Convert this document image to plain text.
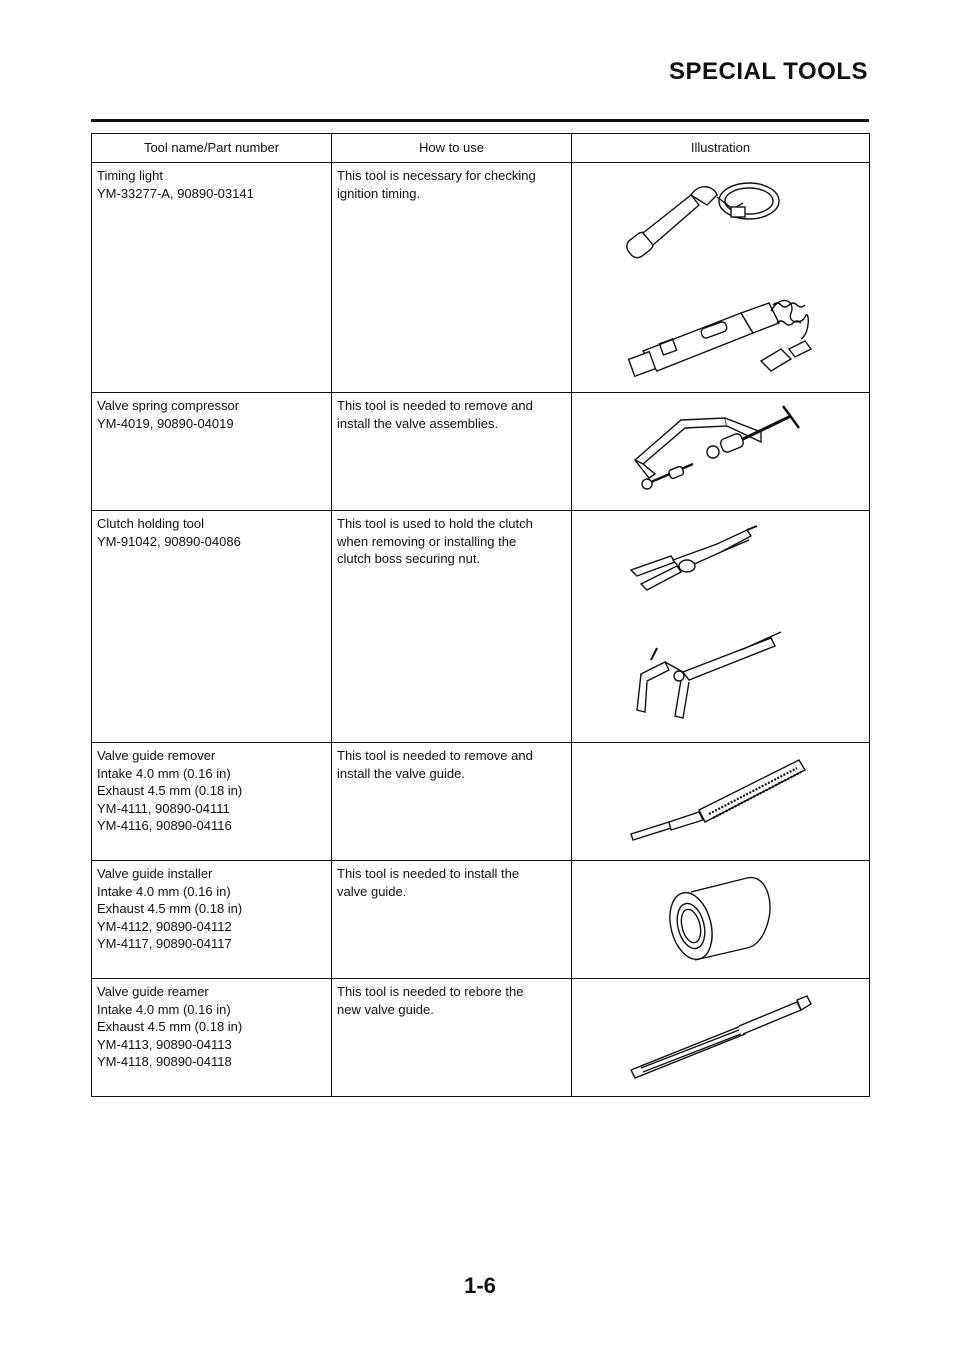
SPECIAL TOOLS
Tool name/Part number	How to use	Illustration

Timing light
YM-33277-A, 90890-03141	This tool is necessary for checking
ignition timing.

Valve spring compressor
YM-4019, 90890-04019	This tool is needed to remove and
install the valve assemblies.

Clutch holding tool
YM-91042, 90890-04086	This tool is used to hold the clutch
when removing or installing the
clutch boss securing nut.

Valve guide remover
Intake 4.0 mm (0.16 in)
Exhaust 4.5 mm (0.18 in)
YM-4111, 90890-04111
YM-4116, 90890-04116	This tool is needed to remove and
install the valve guide.

Valve guide installer
Intake 4.0 mm (0.16 in)
Exhaust 4.5 mm (0.18 in)
YM-4112, 90890-04112
YM-4117, 90890-04117	This tool is needed to install the
valve guide.

Valve guide reamer
Intake 4.0 mm (0.16 in)
Exhaust 4.5 mm (0.18 in)
YM-4113, 90890-04113
YM-4118, 90890-04118	This tool is needed to rebore the
new valve guide.

1-6
